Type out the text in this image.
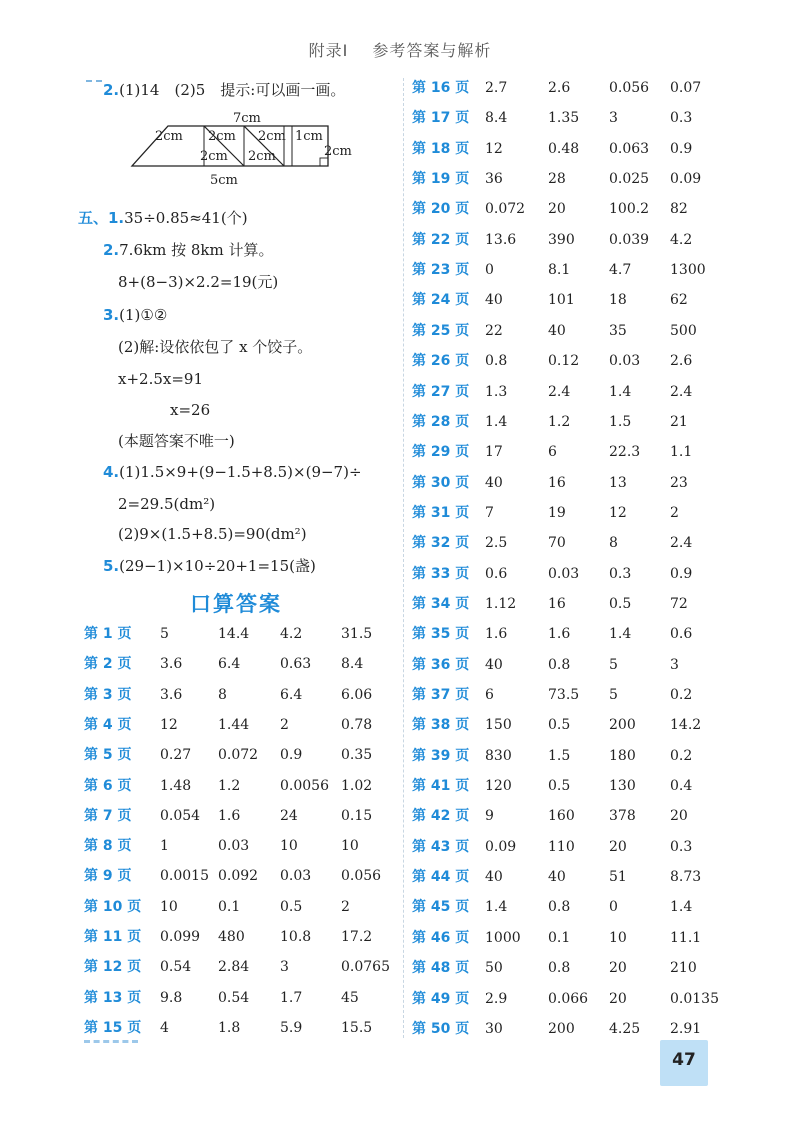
附录Ⅰ 参考答案与解析
2.(1)14　(2)5　提示:可以画一画。
7cm
2cm 2cm 2cm 1cm
2cm 2cm	2cm
5cm
五、1.35÷0.85≈41(个)
2.7.6km 按 8km 计算。
8+(8−3)×2.2=19(元)
3.(1)①②
(2)解:设依依包了 x 个饺子。
x+2.5x=91
x=26
(本题答案不唯一)
4.(1)1.5×9+(9−1.5+8.5)×(9−7)÷
2=29.5(dm²)
(2)9×(1.5+8.5)=90(dm²)
5.(29−1)×10÷20+1=15(盏)
口算答案
第 1 页 5	14.4 4.2	31.5
第 2 页 3.6	6.4	0.63 8.4
第 3 页 3.6	8	6.4	6.06
第 4 页 12	1.44 2	0.78
第 5 页 0.27 0.072 0.9	0.35
第 6 页 1.48 1.2	0.0056 1.02
第 7 页 0.054 1.6	24	0.15
第 8 页 1	0.03 10	10
第 9 页 0.0015 0.092 0.03 0.056
第 10 页 10	0.1	0.5	2
第 11 页 0.099 480	10.8 17.2
第 12 页 0.54 2.84 3	0.0765
第 13 页 9.8	0.54 1.7	45
第 15 页 4	1.8	5.9	15.5
第 16 页 2.7	2.6	0.056 0.07
第 17 页 8.4	1.35 3	0.3
第 18 页 12	0.48 0.063 0.9
第 19 页 36	28	0.025 0.09
第 20 页 0.072 20	100.2 82
第 22 页 13.6 390 0.039 4.2
第 23 页 0	8.1	4.7	1300
第 24 页 40	101 18	62
第 25 页 22	40	35	500
第 26 页 0.8	0.12 0.03 2.6
第 27 页 1.3	2.4	1.4	2.4
第 28 页 1.4	1.2	1.5	21
第 29 页 17	6	22.3 1.1
第 30 页 40	16	13	23
第 31 页 7	19	12	2
第 32 页 2.5	70	8	2.4
第 33 页 0.6	0.03 0.3	0.9
第 34 页 1.12 16	0.5	72
第 35 页 1.6	1.6	1.4	0.6
第 36 页 40	0.8	5	3
第 37 页 6	73.5 5	0.2
第 38 页 150	0.5	200 14.2
第 39 页 830	1.5	180 0.2
第 41 页 120	0.5	130 0.4
第 42 页 9	160 378 20
第 43 页 0.09 110 20	0.3
第 44 页 40	40	51	8.73
第 45 页 1.4	0.8	0	1.4
第 46 页 1000 0.1	10	11.1
第 48 页 50	0.8	20	210
第 49 页 2.9	0.066 20	0.0135
第 50 页 30	200 4.25 2.91
47
